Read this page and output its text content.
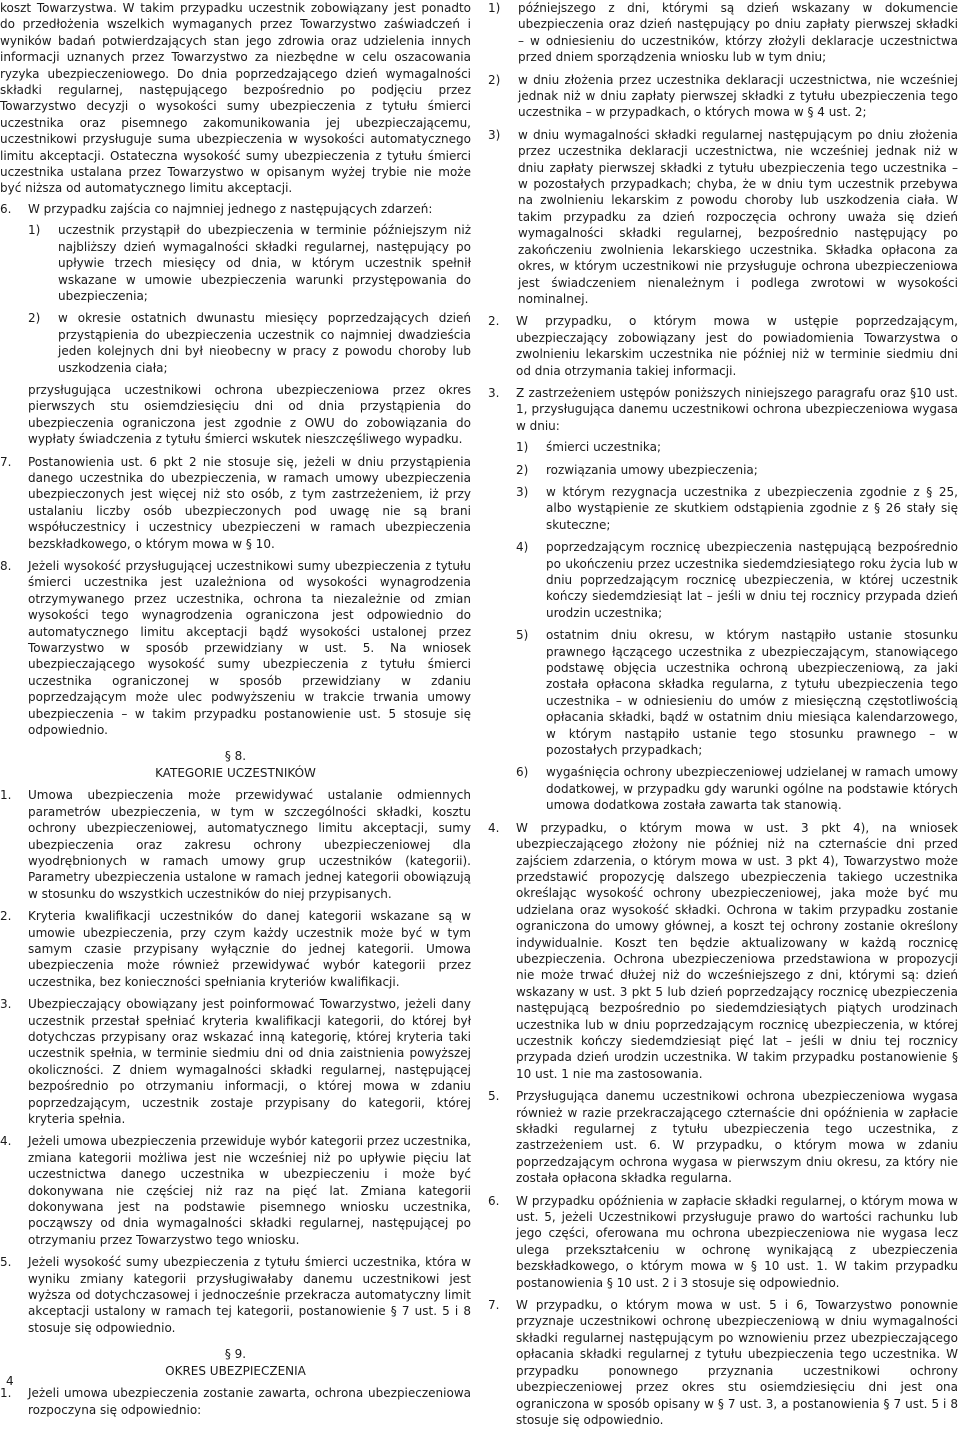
koszt Towarzystwa. W takim przypadku uczestnik zobowiązany jest ponadto do przedłożenia wszelkich wymaganych przez Towarzystwo zaświadczeń i wyników badań potwierdzających stan jego zdrowia oraz udzielenia innych informacji uznanych przez Towarzystwo za niezbędne w celu oszacowania ryzyka ubezpieczeniowego. Do dnia poprzedzającego dzień wymagalności składki regularnej, następującego bezpośrednio po podjęciu przez Towarzystwo decyzji o wysokości sumy ubezpieczenia z tytułu śmierci uczestnika oraz pisemnego zakomunikowania jej ubezpieczającemu, uczestnikowi przysługuje suma ubezpieczenia w wysokości automatycznego limitu akceptacji. Ostateczna wysokość sumy ubezpieczenia z tytułu śmierci uczestnika ustalana przez Towarzystwo w opisanym wyżej trybie nie może być niższa od automatycznego limitu akceptacji.

6. W przypadku zajścia co najmniej jednego z następujących zdarzeń:
1) uczestnik przystąpił do ubezpieczenia w terminie późniejszym niż najbliższy dzień wymagalności składki regularnej, następujący po upływie trzech miesięcy od dnia, w którym uczestnik spełnił wskazane w umowie ubezpieczenia warunki przystępowania do ubezpieczenia;
2) w okresie ostatnich dwunastu miesięcy poprzedzających dzień przystąpienia do ubezpieczenia uczestnik co najmniej dwadzieścia jeden kolejnych dni był nieobecny w pracy z powodu choroby lub uszkodzenia ciała;
przysługująca uczestnikowi ochrona ubezpieczeniowa przez okres pierwszych stu osiemdziesięciu dni od dnia przystąpienia do ubezpieczenia ograniczona jest zgodnie z OWU do zobowiązania do wypłaty świadczenia z tytułu śmierci wskutek nieszczęśliwego wypadku.
7. Postanowienia ust. 6 pkt 2 nie stosuje się, jeżeli w dniu przystąpienia danego uczestnika do ubezpieczenia, w ramach umowy ubezpieczenia ubezpieczonych jest więcej niż sto osób, z tym zastrzeżeniem, iż przy ustalaniu liczby osób ubezpieczonych pod uwagę nie są brani współuczestnicy i uczestnicy ubezpieczeni w ramach ubezpieczenia bezskładkowego, o którym mowa w § 10.
8. Jeżeli wysokość przysługującej uczestnikowi sumy ubezpieczenia z tytułu śmierci uczestnika jest uzależniona od wysokości wynagrodzenia otrzymywanego przez uczestnika, ochrona ta niezależnie od zmian wysokości tego wynagrodzenia ograniczona jest odpowiednio do automatycznego limitu akceptacji bądź wysokości ustalonej przez Towarzystwo w sposób przewidziany w ust. 5. Na wniosek ubezpieczającego wysokość sumy ubezpieczenia z tytułu śmierci uczestnika ograniczonej w sposób przewidziany w zdaniu poprzedzającym może ulec podwyższeniu w trakcie trwania umowy ubezpieczenia – w takim przypadku postanowienie ust. 5 stosuje się odpowiednio.
§ 8.
KATEGORIE UCZESTNIKÓW
1. Umowa ubezpieczenia może przewidywać ustalanie odmiennych parametrów ubezpieczenia, w tym w szczególności składki, kosztu ochrony ubezpieczeniowej, automatycznego limitu akceptacji, sumy ubezpieczenia oraz zakresu ochrony ubezpieczeniowej dla wyodrębnionych w ramach umowy grup uczestników (kategorii). Parametry ubezpieczenia ustalone w ramach jednej kategorii obowiązują w stosunku do wszystkich uczestników do niej przypisanych.
2. Kryteria kwalifikacji uczestników do danej kategorii wskazane są w umowie ubezpieczenia, przy czym każdy uczestnik może być w tym samym czasie przypisany wyłącznie do jednej kategorii. Umowa ubezpieczenia może również przewidywać wybór kategorii przez uczestnika, bez konieczności spełniania kryteriów kwalifikacji.
3. Ubezpieczający obowiązany jest poinformować Towarzystwo, jeżeli dany uczestnik przestał spełniać kryteria kwalifikacji kategorii, do której był dotychczas przypisany oraz wskazać inną kategorię, której kryteria taki uczestnik spełnia, w terminie siedmiu dni od dnia zaistnienia powyższej okoliczności. Z dniem wymagalności składki regularnej, następującej bezpośrednio po otrzymaniu informacji, o której mowa w zdaniu poprzedzającym, uczestnik zostaje przypisany do kategorii, której kryteria spełnia.
4. Jeżeli umowa ubezpieczenia przewiduje wybór kategorii przez uczestnika, zmiana kategorii możliwa jest nie wcześniej niż po upływie pięciu lat uczestnictwa danego uczestnika w ubezpieczeniu i może być dokonywana nie częściej niż raz na pięć lat. Zmiana kategorii dokonywana jest na podstawie pisemnego wniosku uczestnika, począwszy od dnia wymagalności składki regularnej, następującej po otrzymaniu przez Towarzystwo tego wniosku.
5. Jeżeli wysokość sumy ubezpieczenia z tytułu śmierci uczestnika, która w wyniku zmiany kategorii przysługiwałaby danemu uczestnikowi jest wyższa od dotychczasowej i jednocześnie przekracza automatyczny limit akceptacji ustalony w ramach tej kategorii, postanowienie § 7 ust. 5 i 8 stosuje się odpowiednio.
§ 9.
OKRES UBEZPIECZENIA
1. Jeżeli umowa ubezpieczenia zostanie zawarta, ochrona ubezpieczeniowa rozpoczyna się odpowiednio:
1) późniejszego z dni, którymi są dzień wskazany w dokumencie ubezpieczenia oraz dzień następujący po dniu zapłaty pierwszej składki – w odniesieniu do uczestników, którzy złożyli deklaracje uczestnictwa przed dniem sporządzenia wniosku lub w tym dniu;
2) w dniu złożenia przez uczestnika deklaracji uczestnictwa, nie wcześniej jednak niż w dniu zapłaty pierwszej składki z tytułu ubezpieczenia tego uczestnika – w przypadkach, o których mowa w § 4 ust. 2;
3) w dniu wymagalności składki regularnej następującym po dniu złożenia przez uczestnika deklaracji uczestnictwa, nie wcześniej jednak niż w dniu zapłaty pierwszej składki z tytułu ubezpieczenia tego uczestnika – w pozostałych przypadkach; chyba, że w dniu tym uczestnik przebywa na zwolnieniu lekarskim z powodu choroby lub uszkodzenia ciała. W takim przypadku za dzień rozpoczęcia ochrony uważa się dzień wymagalności składki regularnej, bezpośrednio następujący po zakończeniu zwolnienia lekarskiego uczestnika. Składka opłacona za okres, w którym uczestnikowi nie przysługuje ochrona ubezpieczeniowa jest świadczeniem nienależnym i podlega zwrotowi w wysokości nominalnej.
2. W przypadku, o którym mowa w ustępie poprzedzającym, ubezpieczający zobowiązany jest do powiadomienia Towarzystwa o zwolnieniu lekarskim uczestnika nie później niż w terminie siedmiu dni od dnia otrzymania takiej informacji.
3. Z zastrzeżeniem ustępów poniższych niniejszego paragrafu oraz §10 ust. 1, przysługująca danemu uczestnikowi ochrona ubezpieczeniowa wygasa w dniu:
1) śmierci uczestnika;
2) rozwiązania umowy ubezpieczenia;
3) w którym rezygnacja uczestnika z ubezpieczenia zgodnie z § 25, albo wystąpienie ze skutkiem odstąpienia zgodnie z § 26 stały się skuteczne;
4) poprzedzającym rocznicę ubezpieczenia następującą bezpośrednio po ukończeniu przez uczestnika siedemdziesiątego roku życia lub w dniu poprzedzającym rocznicę ubezpieczenia, w której uczestnik kończy siedemdziesiąt lat – jeśli w dniu tej rocznicy przypada dzień urodzin uczestnika;
5) ostatnim dniu okresu, w którym nastąpiło ustanie stosunku prawnego łączącego uczestnika z ubezpieczającym, stanowiącego podstawę objęcia uczestnika ochroną ubezpieczeniową, za jaki została opłacona składka regularna, z tytułu ubezpieczenia tego uczestnika – w odniesieniu do umów z miesięczną częstotliwością opłacania składki, bądź w ostatnim dniu miesiąca kalendarzowego, w którym nastąpiło ustanie tego stosunku prawnego – w pozostałych przypadkach;
6) wygaśnięcia ochrony ubezpieczeniowej udzielanej w ramach umowy dodatkowej, w przypadku gdy warunki ogólne na podstawie których umowa dodatkowa została zawarta tak stanowią.
4. W przypadku, o którym mowa w ust. 3 pkt 4), na wniosek ubezpieczającego złożony nie później niż na czternaście dni przed zajściem zdarzenia, o którym mowa w ust. 3 pkt 4), Towarzystwo może przedstawić propozycję dalszego ubezpieczenia takiego uczestnika określając wysokość ochrony ubezpieczeniowej, jaka może być mu udzielana oraz wysokość składki. Ochrona w takim przypadku zostanie ograniczona do umowy głównej, a koszt tej ochrony zostanie określony indywidualnie. Koszt ten będzie aktualizowany w każdą rocznicę ubezpieczenia. Ochrona ubezpieczeniowa przedstawiona w propozycji nie może trwać dłużej niż do wcześniejszego z dni, którymi są: dzień wskazany w ust. 3 pkt 5 lub dzień poprzedzający rocznicę ubezpieczenia następującą bezpośrednio po siedemdziesiątych piątych urodzinach uczestnika lub w dniu poprzedzającym rocznicę ubezpieczenia, w której uczestnik kończy siedemdziesiąt pięć lat – jeśli w dniu tej rocznicy przypada dzień urodzin uczestnika. W takim przypadku postanowienie § 10 ust. 1 nie ma zastosowania.
5. Przysługująca danemu uczestnikowi ochrona ubezpieczeniowa wygasa również w razie przekraczającego czternaście dni opóźnienia w zapłacie składki regularnej z tytułu ubezpieczenia tego uczestnika, z zastrzeżeniem ust. 6. W przypadku, o którym mowa w zdaniu poprzedzającym ochrona wygasa w pierwszym dniu okresu, za który nie została opłacona składka regularna.
6. W przypadku opóźnienia w zapłacie składki regularnej, o którym mowa w ust. 5, jeżeli Uczestnikowi przysługuje prawo do wartości rachunku lub jego części, oferowana mu ochrona ubezpieczeniowa nie wygasa lecz ulega przekształceniu w ochronę wynikającą z ubezpieczenia bezskładkowego, o którym mowa w § 10 ust. 1. W takim przypadku postanowienia § 10 ust. 2 i 3 stosuje się odpowiednio.
7. W przypadku, o którym mowa w ust. 5 i 6, Towarzystwo ponownie przyznaje uczestnikowi ochronę ubezpieczeniową w dniu wymagalności składki regularnej następującym po wznowieniu przez ubezpieczającego opłacania składki regularnej z tytułu ubezpieczenia tego uczestnika. W przypadku ponownego przyznania uczestnikowi ochrony ubezpieczeniowej przez okres stu osiemdziesięciu dni jest ona ograniczona w sposób opisany w § 7 ust. 3, a postanowienia § 7 ust. 5 i 8 stosuje się odpowiednio.
4
